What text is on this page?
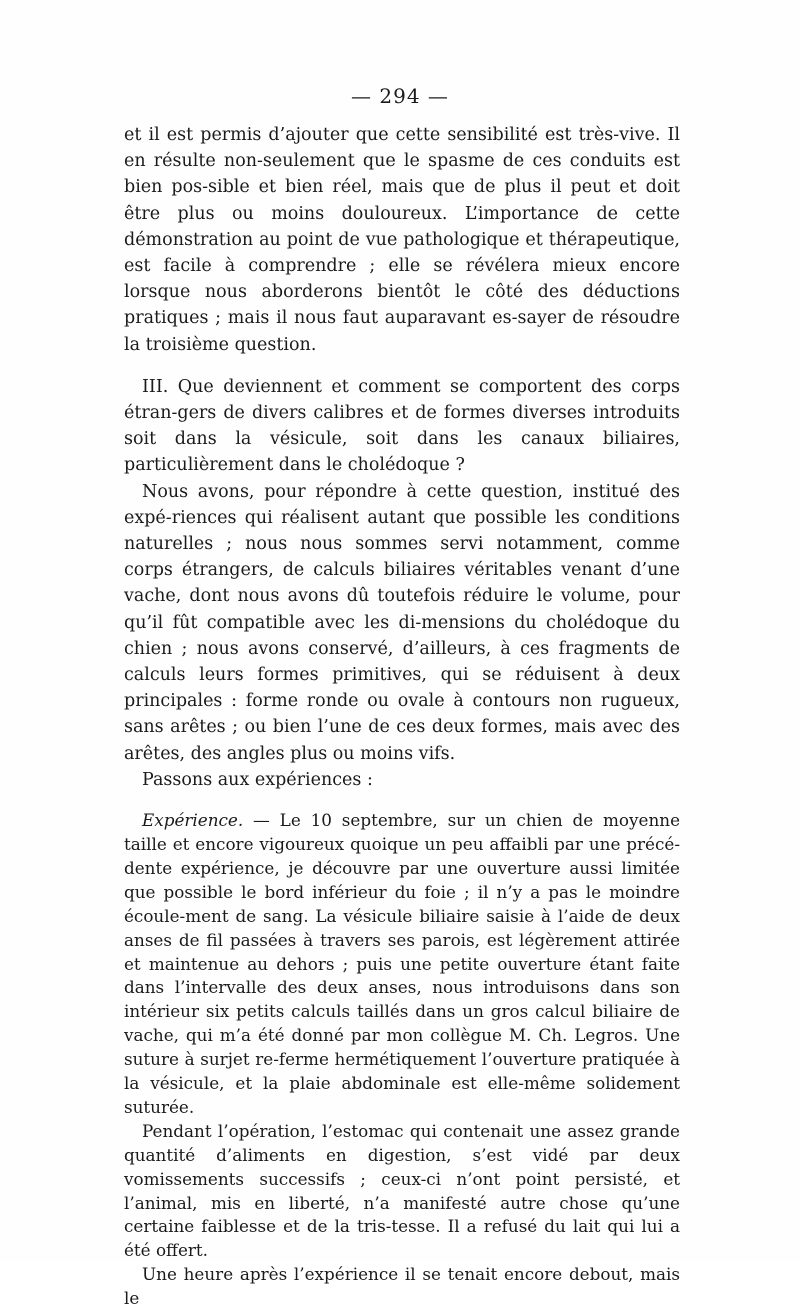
— 294 —

et il est permis d’ajouter que cette sensibilité est très-vive. Il en résulte non-seulement que le spasme de ces conduits est bien pos-sible et bien réel, mais que de plus il peut et doit être plus ou moins douloureux. L’importance de cette démonstration au point de vue pathologique et thérapeutique, est facile à comprendre ; elle se révélera mieux encore lorsque nous aborderons bientôt le côté des déductions pratiques ; mais il nous faut auparavant es-sayer de résoudre la troisième question.

III. Que deviennent et comment se comportent des corps étran-gers de divers calibres et de formes diverses introduits soit dans la vésicule, soit dans les canaux biliaires, particulièrement dans le cholédoque ?

Nous avons, pour répondre à cette question, institué des expé-riences qui réalisent autant que possible les conditions naturelles ; nous nous sommes servi notamment, comme corps étrangers, de calculs biliaires véritables venant d’une vache, dont nous avons dû toutefois réduire le volume, pour qu’il fût compatible avec les di-mensions du cholédoque du chien ; nous avons conservé, d’ailleurs, à ces fragments de calculs leurs formes primitives, qui se réduisent à deux principales : forme ronde ou ovale à contours non rugueux, sans arêtes ; ou bien l’une de ces deux formes, mais avec des arêtes, des angles plus ou moins vifs.

Passons aux expériences :

Expérience. — Le 10 septembre, sur un chien de moyenne taille et encore vigoureux quoique un peu affaibli par une précé-dente expérience, je découvre par une ouverture aussi limitée que possible le bord inférieur du foie ; il n’y a pas le moindre écoule-ment de sang. La vésicule biliaire saisie à l’aide de deux anses de fil passées à travers ses parois, est légèrement attirée et maintenue au dehors ; puis une petite ouverture étant faite dans l’intervalle des deux anses, nous introduisons dans son intérieur six petits calculs taillés dans un gros calcul biliaire de vache, qui m’a été donné par mon collègue M. Ch. Legros. Une suture à surjet re-ferme hermétiquement l’ouverture pratiquée à la vésicule, et la plaie abdominale est elle-même solidement suturée.

Pendant l’opération, l’estomac qui contenait une assez grande quantité d’aliments en digestion, s’est vidé par deux vomissements successifs ; ceux-ci n’ont point persisté, et l’animal, mis en liberté, n’a manifesté autre chose qu’une certaine faiblesse et de la tris-tesse. Il a refusé du lait qui lui a été offert.

Une heure après l’expérience il se tenait encore debout, mais le
